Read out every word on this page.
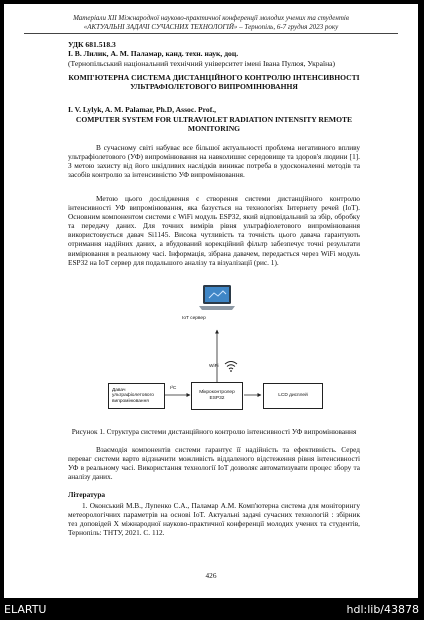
Матеріали XII Міжнародної науково-практичної конференції молодих учених та студентів
«АКТУАЛЬНІ ЗАДАЧІ СУЧАСНИХ ТЕХНОЛОГІЙ» – Тернопіль, 6-7 грудня 2023 року
УДК 681.518.3
І. В. Лилик, А. М. Паламар, канд. техн. наук, доц.
(Тернопільський національний технічний університет імені Івана Пулюя, Україна)
КОМП'ЮТЕРНА СИСТЕМА ДИСТАНЦІЙНОГО КОНТРОЛЮ ІНТЕНСИВНОСТІ УЛЬТРАФІОЛЕТОВОГО ВИПРОМІНЮВАННЯ
I. V. Lylyk, A. M. Palamar, Ph.D, Assoc. Prof.,
COMPUTER SYSTEM FOR ULTRAVIOLET RADIATION INTENSITY REMOTE MONITORING
В сучасному світі набуває все більшої актуальності проблема негативного впливу ультрафіолетового (УФ) випромінювання на навколишнє середовище та здоров'я людини [1]. З метою захисту від його шкідливих наслідків виникає потреба в удосконаленні методів та засобів контролю за інтенсивністю УФ випромінювання.
Метою цього дослідження є створення системи дистанційного контролю інтенсивності УФ випромінювання, яка базується на технологіях Інтернету речей (IoT). Основним компонентом системи є WiFi модуль ESP32, який відповідальний за збір, обробку та передачу даних. Для точних вимірів рівня ультрафіолетового випромінювання використовується давач Si1145. Висока чутливість та точність цього давача гарантують отримання надійних даних, а вбудований корекційний фільтр забезпечує точні результати вимірювання в реальному часі. Інформація, зібрана давачем, передається через WiFi модуль ESP32 на IoT сервер для подальшого аналізу та візуалізації (рис. 1).
IoT сервер
WiFi
Давач ультрафіолетового випромінювання
I²C
Мікроконтролер ESP32
LCD дисплей
Рисунок 1. Структура системи дистанційного контролю інтенсивності УФ випромінювання
Взаємодія компонентів системи гарантує її надійність та ефективність. Серед переваг системи варто відзначити можливість віддаленого відстеження рівня інтенсивності УФ в реальному часі. Використання технології IoT дозволяє автоматизувати процес збору та аналізу даних.
Література
1. Оконський М.В., Лупенко С.А., Паламар А.М. Комп'ютерна система для моніторингу метеорологічних параметрів на основі IoT. Актуальні задачі сучасних технологій : збірник тез доповідей X міжнародної науково-практичної конференції молодих учених та студентів, Тернопіль: ТНТУ, 2021. С. 112.
426
ELARTU	hdl:lib/43878
